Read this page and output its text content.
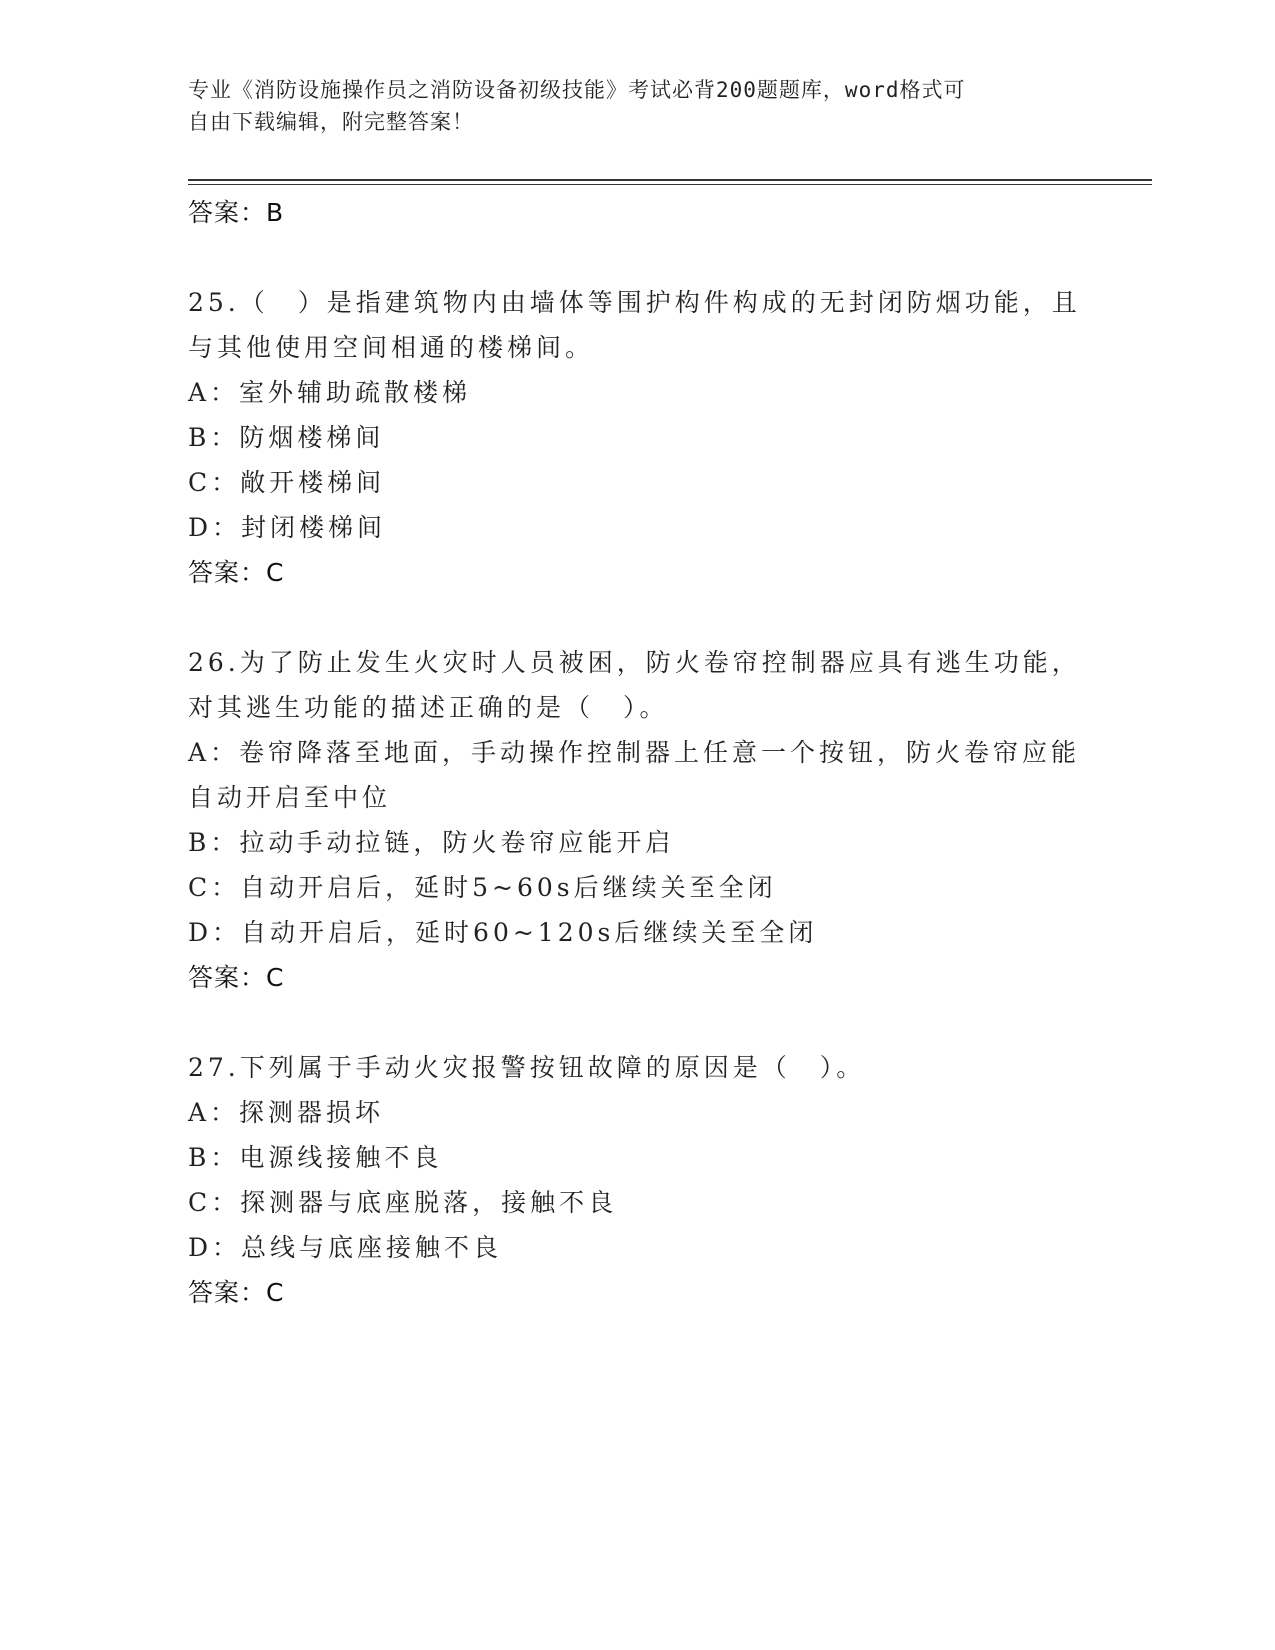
专业《消防设施操作员之消防设备初级技能》考试必背200题题库，word格式可
自由下载编辑，附完整答案！
答案：B
25.（　）是指建筑物内由墙体等围护构件构成的无封闭防烟功能，且
与其他使用空间相通的楼梯间。
A：室外辅助疏散楼梯
B：防烟楼梯间
C：敞开楼梯间
D：封闭楼梯间
答案：C
26.为了防止发生火灾时人员被困，防火卷帘控制器应具有逃生功能，
对其逃生功能的描述正确的是（　）。
A：卷帘降落至地面，手动操作控制器上任意一个按钮，防火卷帘应能
自动开启至中位
B：拉动手动拉链，防火卷帘应能开启
C：自动开启后，延时5~60s后继续关至全闭
D：自动开启后，延时60~120s后继续关至全闭
答案：C
27.下列属于手动火灾报警按钮故障的原因是（　）。
A：探测器损坏
B：电源线接触不良
C：探测器与底座脱落，接触不良
D：总线与底座接触不良
答案：C
